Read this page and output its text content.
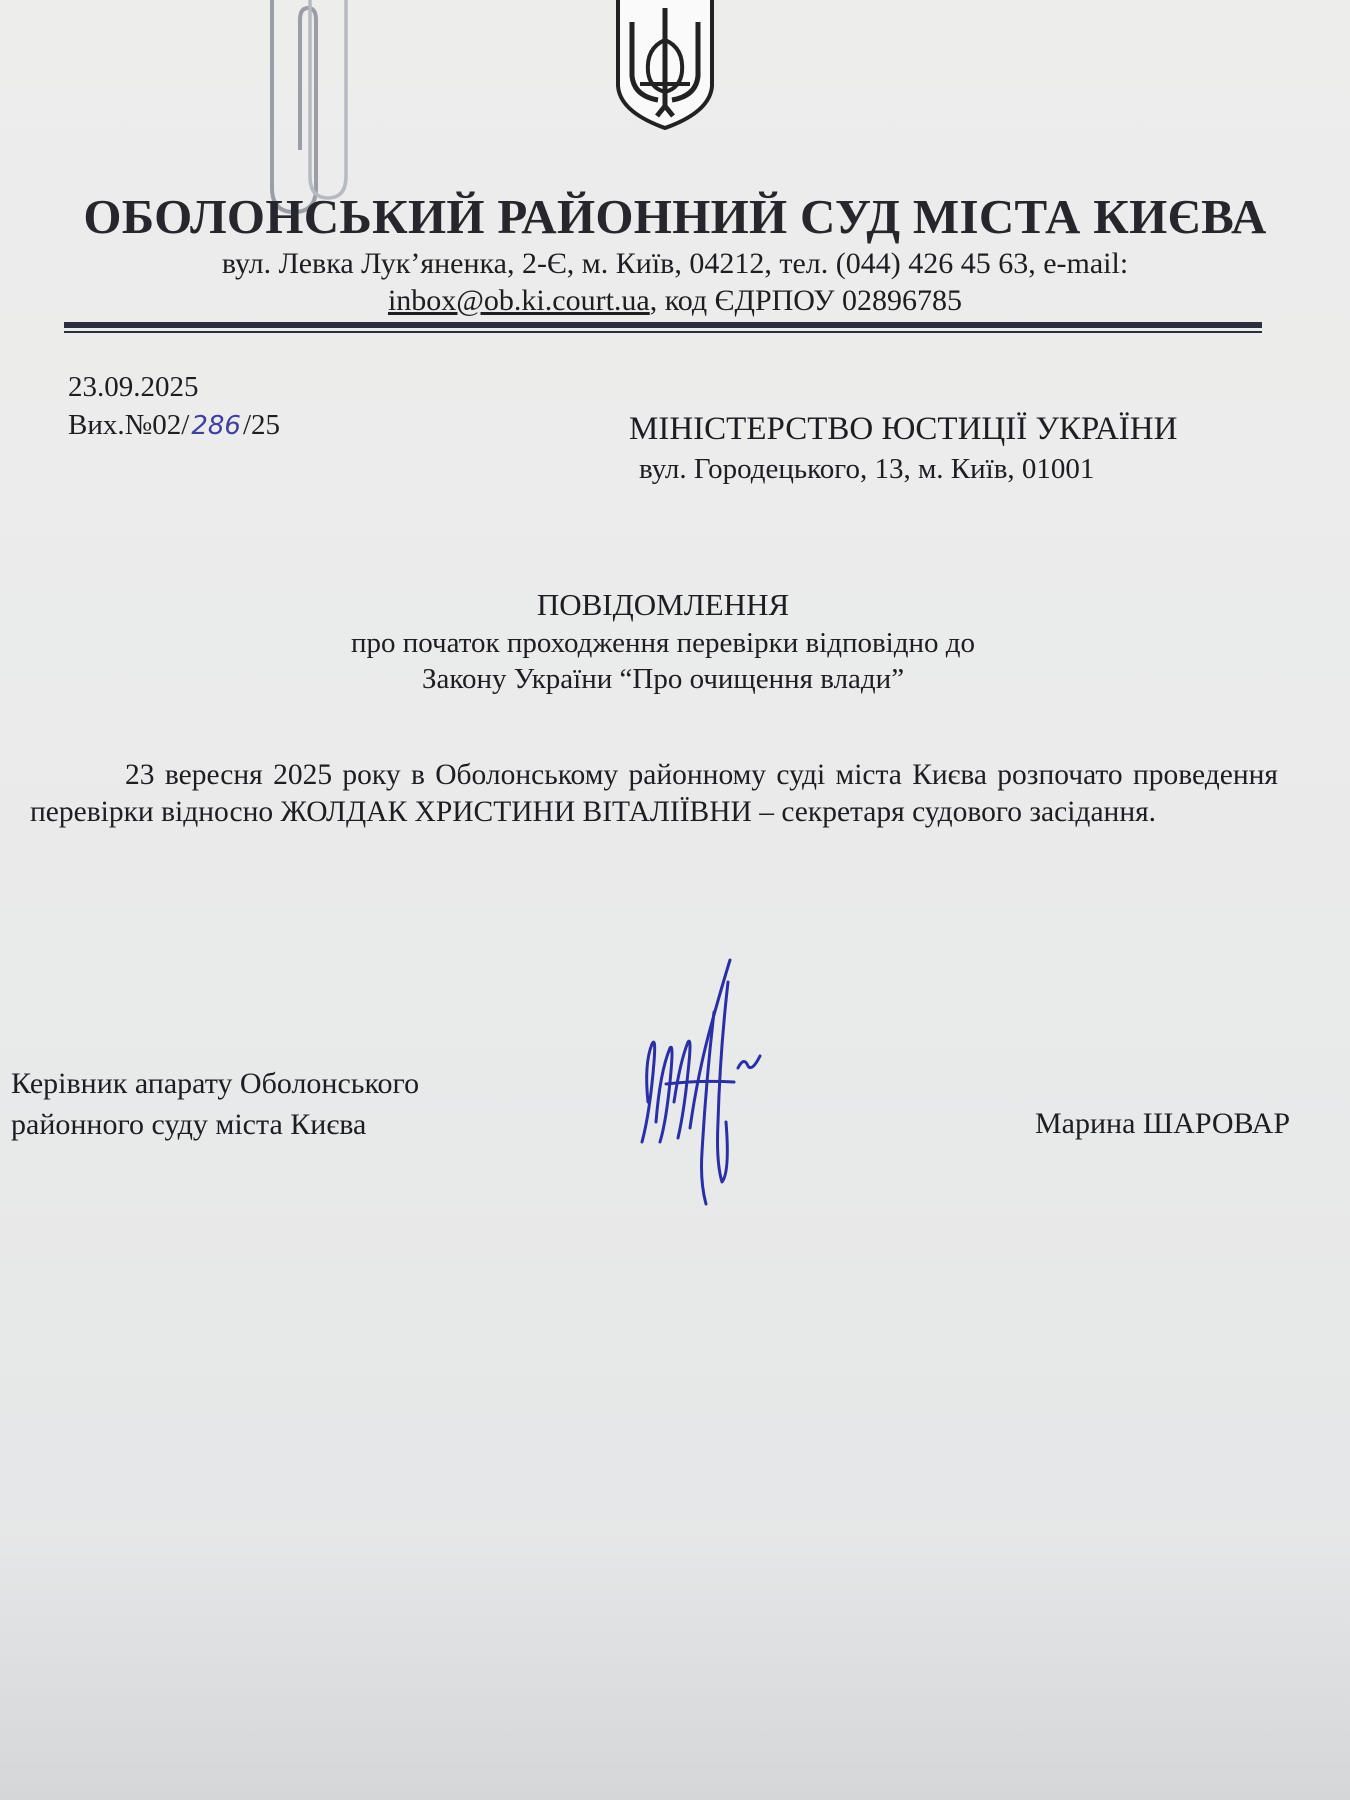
ОБОЛОНСЬКИЙ РАЙОННИЙ СУД МІСТА КИЄВА
вул. Левка Лук’яненка, 2-Є, м. Київ, 04212, тел. (044) 426 45 63, e-mail:
inbox@ob.ki.court.ua, код ЄДРПОУ 02896785
23.09.2025
Вих.№02/286/25	МІНІСТЕРСТВО ЮСТИЦІЇ УКРАЇНИ
вул. Городецького, 13, м. Київ, 01001
ПОВІДОМЛЕННЯ
про початок проходження перевірки відповідно до
Закону України “Про очищення влади”

23 вересня 2025 року в Оболонському районному суді міста Києва розпочато проведення перевірки відносно ЖОЛДАК ХРИСТИНИ ВІТАЛІЇВНИ – секретаря судового засідання.

Керівник апарату Оболонського
районного суду міста Києва	Марина ШАРОВАР
